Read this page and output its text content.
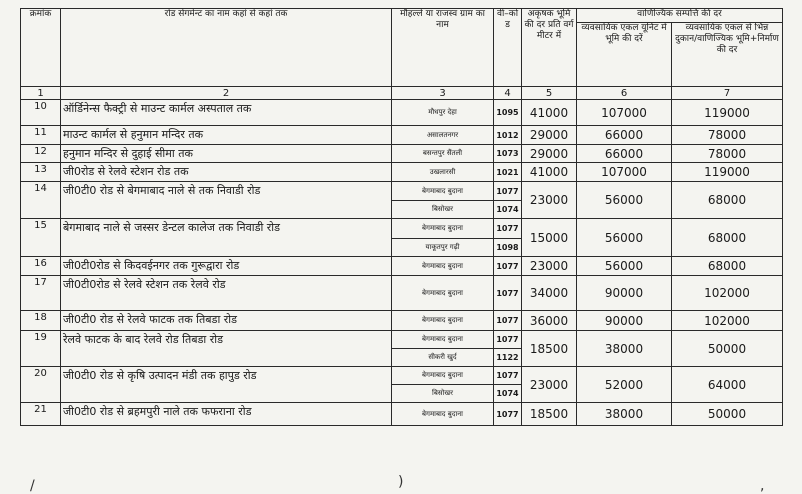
क्रमांक	रोड सेगमेन्ट का नाम कहां से कहां तक	मौहल्ले या राजस्व ग्राम का नाम	वी–को ड	अकृषक भूमि की दर प्रति वर्ग मीटर में	वाणिज्यिक सम्पत्ति की दर	
					व्यवसायिक एकल यूनिट में भूमि की दरें	व्यवसायिक एकल से भिन्न दुकान/वाणिज्यिक भूमि+निर्माण की दर
1	2	3	4	5	6	7
10	ऑर्डिनेन्स फैक्ट्री से माउन्ट कार्मल अस्पताल तक	मौधपुर देहा	1095	41000	107000	119000
11	माउन्ट कार्मल से हनुमान मन्दिर तक	असालतनगर	1012	29000	66000	78000
12	हनुमान मन्दिर से दुहाई सीमा तक	बसन्तपुर सैंतली	1073	29000	66000	78000
13	जी0रोड से रेलवे स्टेशन रोड तक	उखलारसी	1021	41000	107000	119000
14	जी0टी0 रोड से बेगमाबाद नाले से तक निवाडी रोड	बेगमाबाद बुदाना	1077	23000	56000	68000
		बिसोखर	1074			
15	बेगमाबाद नाले से जस्सर डेन्टल कालेज तक निवाडी रोड	बेगमाबाद बुदाना	1077	15000	56000	68000
		याकूतपुर गढ़ी	1098			
16	जी0टी0रोड से किदवईनगर तक गुरूद्वारा रोड	बेगमाबाद बुदाना	1077	23000	56000	68000
17	जी0टी0रोड से रेलवे स्टेशन तक रेलवे रोड	बेगमाबाद बुदाना	1077	34000	90000	102000
18	जी0टी0 रोड से रेलवे फाटक तक तिबडा रोड	बेगमाबाद बुदाना	1077	36000	90000	102000
19	रेलवे फाटक के बाद रेलवे रोड तिबडा रोड	बेगमाबाद बुदाना	1077	18500	38000	50000
		सीकरी खुर्द	1122			
20	जी0टी0 रोड से कृषि उत्पादन मंडी तक हापुड रोड	बेगमाबाद बुदाना	1077	23000	52000	64000
		बिसोखर	1074			
21	जी0टी0 रोड से ब्रहमपुरी नाले तक फफराना रोड	बेगमाबाद बुदाना	1077	18500	38000	50000
/	)	,
